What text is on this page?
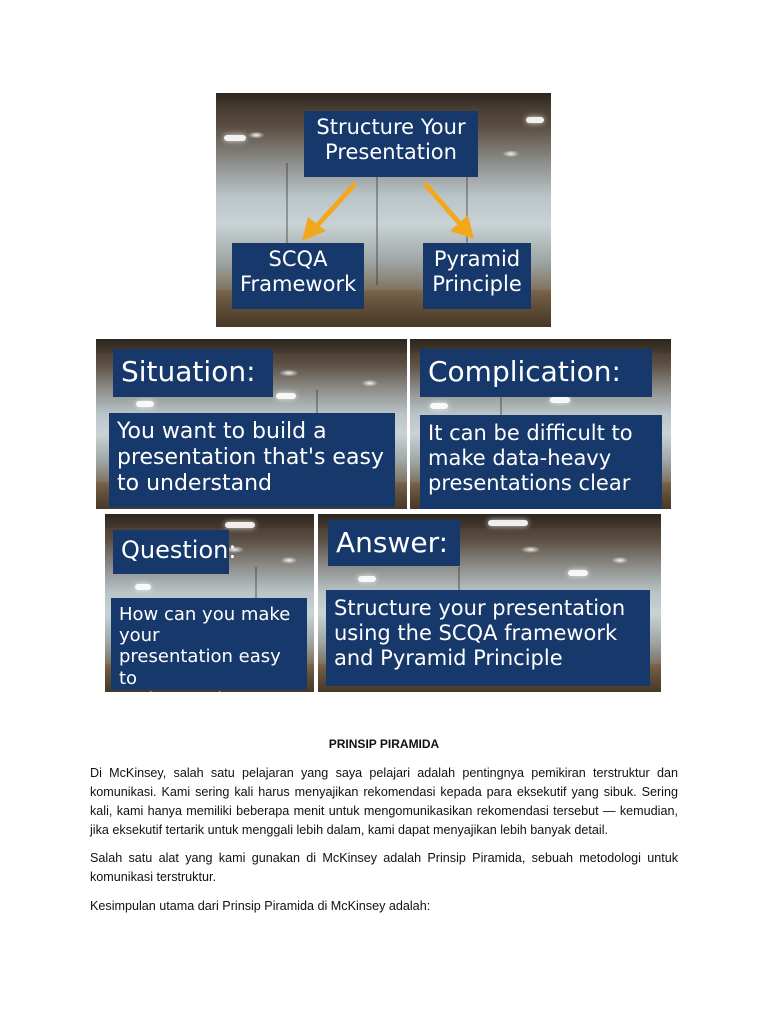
Structure Your
Presentation
SCQA
Framework
Pyramid
Principle
Situation:
You want to build a
presentation that's easy
to understand
Complication:
It can be difficult to
make data-heavy
presentations clear
Question:
How can you make your
presentation easy to
understand?
Answer:
Structure your presentation
using the SCQA framework
and Pyramid Principle
PRINSIP PIRAMIDA

Di McKinsey, salah satu pelajaran yang saya pelajari adalah pentingnya pemikiran terstruktur dan komunikasi. Kami sering kali harus menyajikan rekomendasi kepada para eksekutif yang sibuk. Sering kali, kami hanya memiliki beberapa menit untuk mengomunikasikan rekomendasi tersebut — kemudian, jika eksekutif tertarik untuk menggali lebih dalam, kami dapat menyajikan lebih banyak detail.

Salah satu alat yang kami gunakan di McKinsey adalah Prinsip Piramida, sebuah metodologi untuk komunikasi terstruktur.

Kesimpulan utama dari Prinsip Piramida di McKinsey adalah:
